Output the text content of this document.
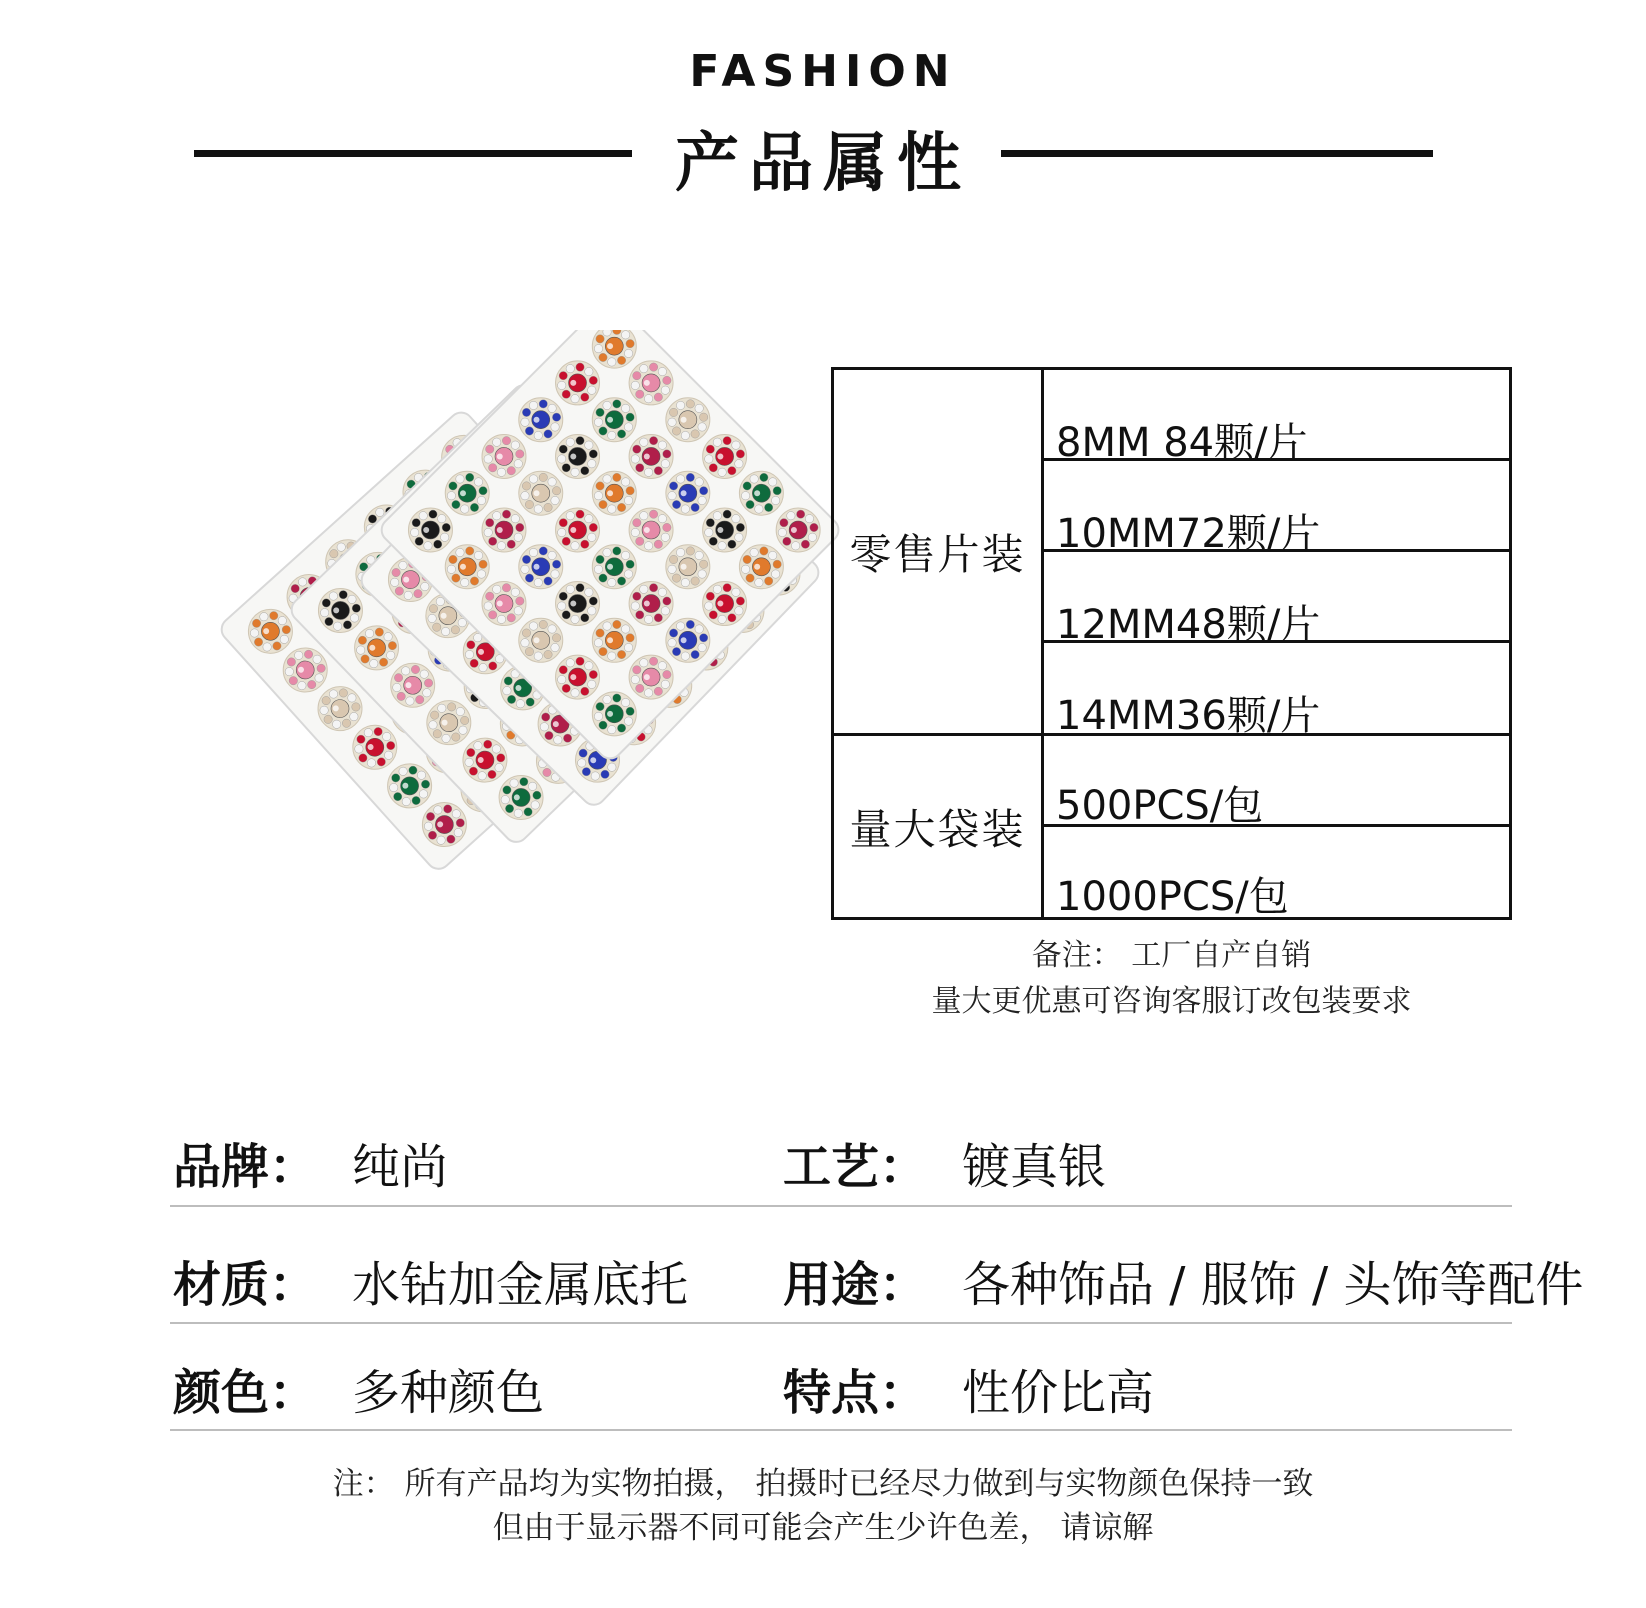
FASHION
产品属性
零售片装
量大袋装
8MM 84颗/片
10MM72颗/片
12MM48颗/片
14MM36颗/片
500PCS/包
1000PCS/包
备注： 工厂自产自销
量大更优惠可咨询客服订改包装要求
品牌： 纯尚	工艺： 镀真银
材质： 水钻加金属底托 用途： 各种饰品 / 服饰 / 头饰等配件
颜色： 多种颜色	特点： 性价比高
注： 所有产品均为实物拍摄， 拍摄时已经尽力做到与实物颜色保持一致
但由于显示器不同可能会产生少许色差， 请谅解
